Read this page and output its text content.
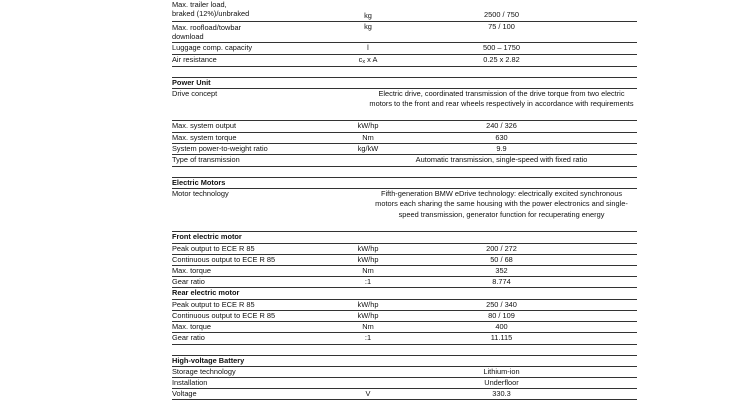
Max. trailer load,
braked (12%)/unbraked	kg	2500 / 750
Max. roofload/towbar
download
kg	75 / 100
Luggage comp. capacity	l	500 – 1750
Air resistance	$c_x$ x A	0.25 x 2.82
Power Unit
Drive concept	Electric drive, coordinated transmission of the drive torque from two electric motors to the front and rear wheels respectively in accordance with requirements
Max. system output	kW/hp	240 / 326
Max. system torque	Nm	630
System power-to-weight ratio	kg/kW	9.9
Type of transmission	Automatic transmission, single-speed with fixed ratio
Electric Motors
Motor technology	Fifth-generation BMW eDrive technology: electrically excited synchronous motors each sharing the same housing with the power electronics and single-speed transmission, generator function for recuperating energy
Front electric motor
Peak output to ECE R 85	kW/hp	200 / 272
Continuous output to ECE R 85	kW/hp	50 / 68
Max. torque	Nm	352
Gear ratio	:1	8.774
Rear electric motor
Peak output to ECE R 85	kW/hp	250 / 340
Continuous output to ECE R 85	kW/hp	80 / 109
Max. torque	Nm	400
Gear ratio	:1	11.115
High-voltage Battery
Storage technology	Lithium-ion
Installation	Underfloor
Voltage	V	330.3
